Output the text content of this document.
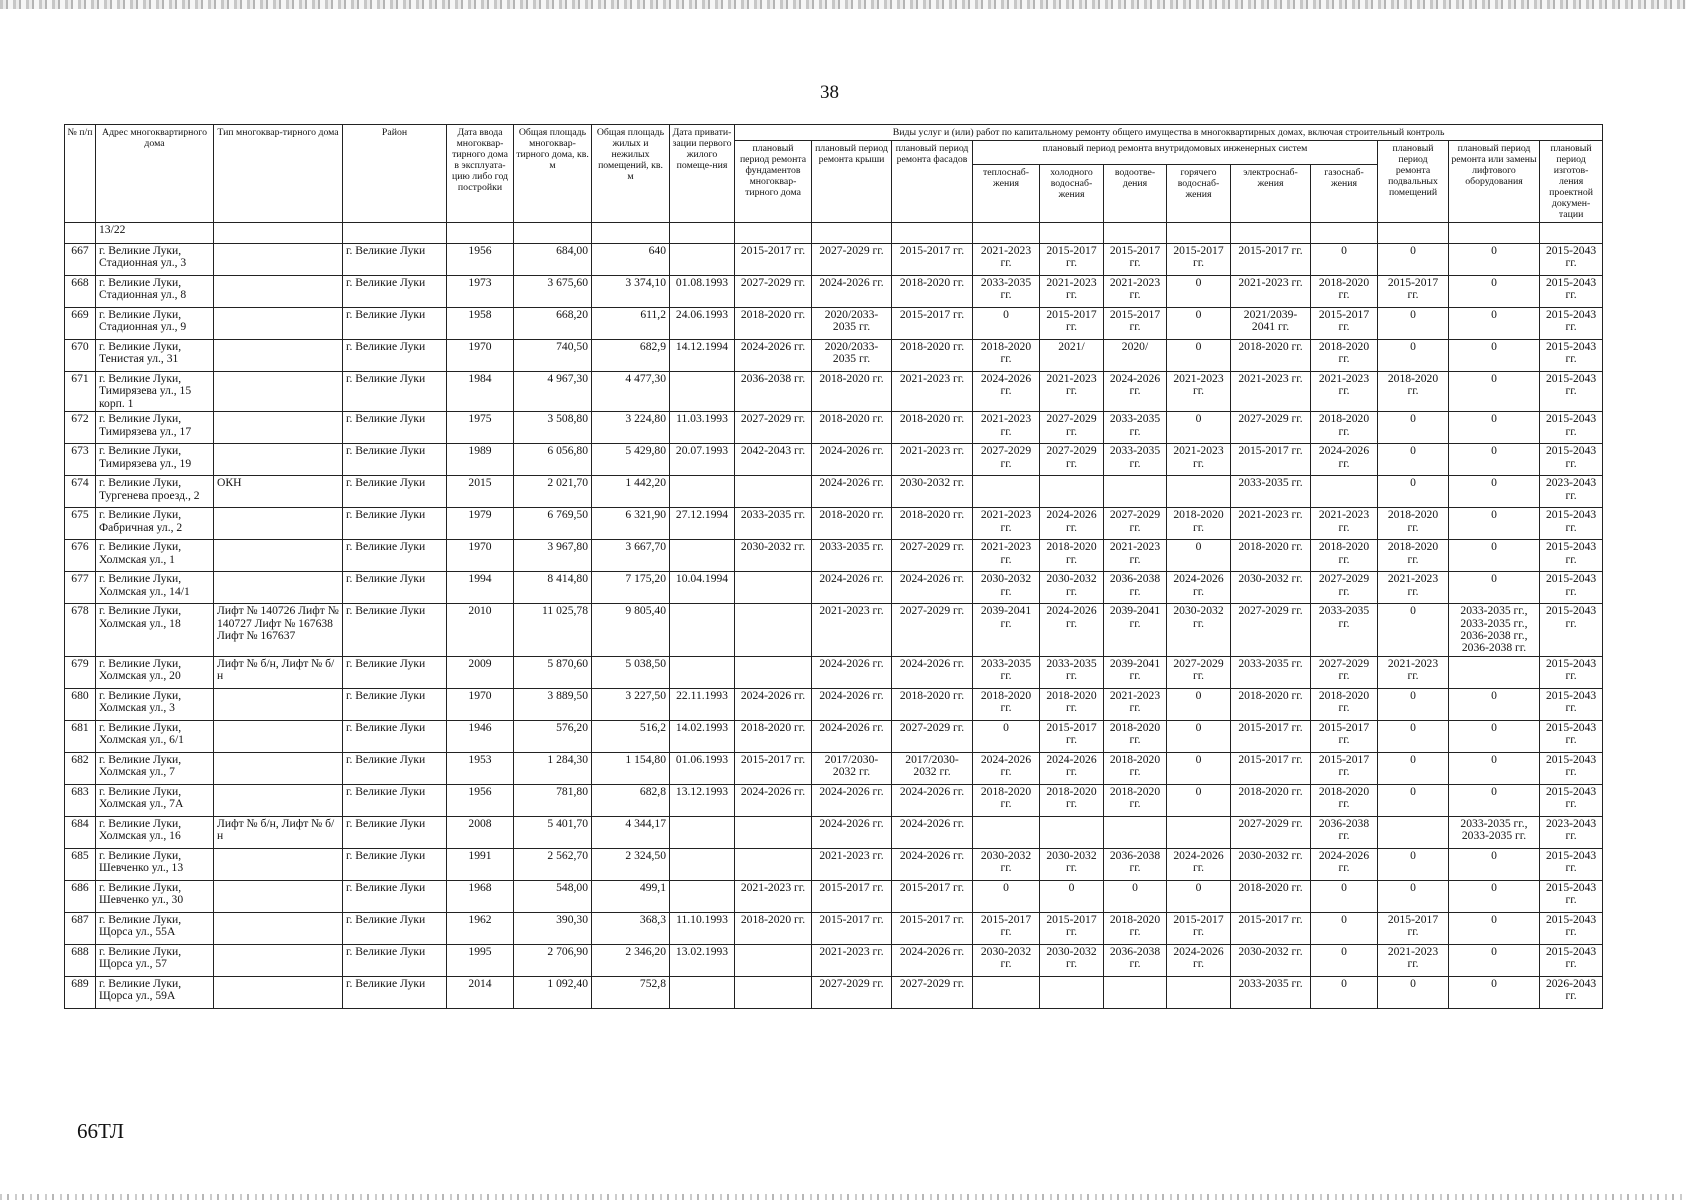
38
№ п/п	Адрес многоквартирного дома	Тип многоквар-тирного дома	Район	Дата ввода многоквар-тирного дома в эксплуата-цию либо год постройки	Общая площадь многоквар-тирного дома, кв. м	Общая площадь жилых и нежилых помещений, кв. м	Дата привати-зации первого жилого помеще-ния	Виды услуг и (или) работ по капитальному ремонту общего имущества в многоквартирных домах, включая строительный контроль											
								плановый период ремонта фундаментов многоквар-тирного дома	плановый период ремонта крыши	плановый период ремонта фасадов	плановый период ремонта внутридомовых инженерных систем						плановый период ремонта подвальных помещений	плановый период ремонта или замены лифтового оборудования	плановый период изготов-ления проектной докумен-тации
											теплоснаб-жения	холодного водоснаб-жения	водоотве-дения	горячего водоснаб-жения	электроснаб-жения	газоснаб-жения			
	13/22																		
667	г. Великие Луки, Стадионная ул., 3		г. Великие Луки	1956	684,00	640		2015-2017 гг.	2027-2029 гг.	2015-2017 гг.	2021-2023 гг.	2015-2017 гг.	2015-2017 гг.	2015-2017 гг.	2015-2017 гг.	0	0	0	2015-2043 гг.
668	г. Великие Луки, Стадионная ул., 8		г. Великие Луки	1973	3 675,60	3 374,10	01.08.1993	2027-2029 гг.	2024-2026 гг.	2018-2020 гг.	2033-2035 гг.	2021-2023 гг.	2021-2023 гг.	0	2021-2023 гг.	2018-2020 гг.	2015-2017 гг.	0	2015-2043 гг.
669	г. Великие Луки, Стадионная ул., 9		г. Великие Луки	1958	668,20	611,2	24.06.1993	2018-2020 гг.	2020/2033-2035 гг.	2015-2017 гг.	0	2015-2017 гг.	2015-2017 гг.	0	2021/2039-2041 гг.	2015-2017 гг.	0	0	2015-2043 гг.
670	г. Великие Луки, Тенистая ул., 31		г. Великие Луки	1970	740,50	682,9	14.12.1994	2024-2026 гг.	2020/2033-2035 гг.	2018-2020 гг.	2018-2020 гг.	2021/	2020/	0	2018-2020 гг.	2018-2020 гг.	0	0	2015-2043 гг.
671	г. Великие Луки, Тимирязева ул., 15 корп. 1		г. Великие Луки	1984	4 967,30	4 477,30		2036-2038 гг.	2018-2020 гг.	2021-2023 гг.	2024-2026 гг.	2021-2023 гг.	2024-2026 гг.	2021-2023 гг.	2021-2023 гг.	2021-2023 гг.	2018-2020 гг.	0	2015-2043 гг.
672	г. Великие Луки, Тимирязева ул., 17		г. Великие Луки	1975	3 508,80	3 224,80	11.03.1993	2027-2029 гг.	2018-2020 гг.	2018-2020 гг.	2021-2023 гг.	2027-2029 гг.	2033-2035 гг.	0	2027-2029 гг.	2018-2020 гг.	0	0	2015-2043 гг.
673	г. Великие Луки, Тимирязева ул., 19		г. Великие Луки	1989	6 056,80	5 429,80	20.07.1993	2042-2043 гг.	2024-2026 гг.	2021-2023 гг.	2027-2029 гг.	2027-2029 гг.	2033-2035 гг.	2021-2023 гг.	2015-2017 гг.	2024-2026 гг.	0	0	2015-2043 гг.
674	г. Великие Луки, Тургенева проезд., 2	ОКН	г. Великие Луки	2015	2 021,70	1 442,20			2024-2026 гг.	2030-2032 гг.					2033-2035 гг.		0	0	2023-2043 гг.
675	г. Великие Луки, Фабричная ул., 2		г. Великие Луки	1979	6 769,50	6 321,90	27.12.1994	2033-2035 гг.	2018-2020 гг.	2018-2020 гг.	2021-2023 гг.	2024-2026 гг.	2027-2029 гг.	2018-2020 гг.	2021-2023 гг.	2021-2023 гг.	2018-2020 гг.	0	2015-2043 гг.
676	г. Великие Луки, Холмская ул., 1		г. Великие Луки	1970	3 967,80	3 667,70		2030-2032 гг.	2033-2035 гг.	2027-2029 гг.	2021-2023 гг.	2018-2020 гг.	2021-2023 гг.	0	2018-2020 гг.	2018-2020 гг.	2018-2020 гг.	0	2015-2043 гг.
677	г. Великие Луки, Холмская ул., 14/1		г. Великие Луки	1994	8 414,80	7 175,20	10.04.1994		2024-2026 гг.	2024-2026 гг.	2030-2032 гг.	2030-2032 гг.	2036-2038 гг.	2024-2026 гг.	2030-2032 гг.	2027-2029 гг.	2021-2023 гг.	0	2015-2043 гг.
678	г. Великие Луки, Холмская ул., 18	Лифт № 140726 Лифт № 140727 Лифт № 167638 Лифт № 167637	г. Великие Луки	2010	11 025,78	9 805,40			2021-2023 гг.	2027-2029 гг.	2039-2041 гг.	2024-2026 гг.	2039-2041 гг.	2030-2032 гг.	2027-2029 гг.	2033-2035 гг.	0	2033-2035 гг., 2033-2035 гг., 2036-2038 гг., 2036-2038 гг.	2015-2043 гг.
679	г. Великие Луки, Холмская ул., 20	Лифт № б/н, Лифт № б/н	г. Великие Луки	2009	5 870,60	5 038,50			2024-2026 гг.	2024-2026 гг.	2033-2035 гг.	2033-2035 гг.	2039-2041 гг.	2027-2029 гг.	2033-2035 гг.	2027-2029 гг.	2021-2023 гг.		2015-2043 гг.
680	г. Великие Луки, Холмская ул., 3		г. Великие Луки	1970	3 889,50	3 227,50	22.11.1993	2024-2026 гг.	2024-2026 гг.	2018-2020 гг.	2018-2020 гг.	2018-2020 гг.	2021-2023 гг.	0	2018-2020 гг.	2018-2020 гг.	0	0	2015-2043 гг.
681	г. Великие Луки, Холмская ул., 6/1		г. Великие Луки	1946	576,20	516,2	14.02.1993	2018-2020 гг.	2024-2026 гг.	2027-2029 гг.	0	2015-2017 гг.	2018-2020 гг.	0	2015-2017 гг.	2015-2017 гг.	0	0	2015-2043 гг.
682	г. Великие Луки, Холмская ул., 7		г. Великие Луки	1953	1 284,30	1 154,80	01.06.1993	2015-2017 гг.	2017/2030-2032 гг.	2017/2030-2032 гг.	2024-2026 гг.	2024-2026 гг.	2018-2020 гг.	0	2015-2017 гг.	2015-2017 гг.	0	0	2015-2043 гг.
683	г. Великие Луки, Холмская ул., 7А		г. Великие Луки	1956	781,80	682,8	13.12.1993	2024-2026 гг.	2024-2026 гг.	2024-2026 гг.	2018-2020 гг.	2018-2020 гг.	2018-2020 гг.	0	2018-2020 гг.	2018-2020 гг.	0	0	2015-2043 гг.
684	г. Великие Луки, Холмская ул., 16	Лифт № б/н, Лифт № б/н	г. Великие Луки	2008	5 401,70	4 344,17			2024-2026 гг.	2024-2026 гг.					2027-2029 гг.	2036-2038 гг.		2033-2035 гг., 2033-2035 гг.	2023-2043 гг.
685	г. Великие Луки, Шевченко ул., 13		г. Великие Луки	1991	2 562,70	2 324,50			2021-2023 гг.	2024-2026 гг.	2030-2032 гг.	2030-2032 гг.	2036-2038 гг.	2024-2026 гг.	2030-2032 гг.	2024-2026 гг.	0	0	2015-2043 гг.
686	г. Великие Луки, Шевченко ул., 30		г. Великие Луки	1968	548,00	499,1		2021-2023 гг.	2015-2017 гг.	2015-2017 гг.	0	0	0	0	2018-2020 гг.	0	0	0	2015-2043 гг.
687	г. Великие Луки, Щорса ул., 55А		г. Великие Луки	1962	390,30	368,3	11.10.1993	2018-2020 гг.	2015-2017 гг.	2015-2017 гг.	2015-2017 гг.	2015-2017 гг.	2018-2020 гг.	2015-2017 гг.	2015-2017 гг.	0	2015-2017 гг.	0	2015-2043 гг.
688	г. Великие Луки, Щорса ул., 57		г. Великие Луки	1995	2 706,90	2 346,20	13.02.1993		2021-2023 гг.	2024-2026 гг.	2030-2032 гг.	2030-2032 гг.	2036-2038 гг.	2024-2026 гг.	2030-2032 гг.	0	2021-2023 гг.	0	2015-2043 гг.
689	г. Великие Луки, Щорса ул., 59А		г. Великие Луки	2014	1 092,40	752,8			2027-2029 гг.	2027-2029 гг.					2033-2035 гг.	0	0	0	2026-2043 гг.
66ТЛ
